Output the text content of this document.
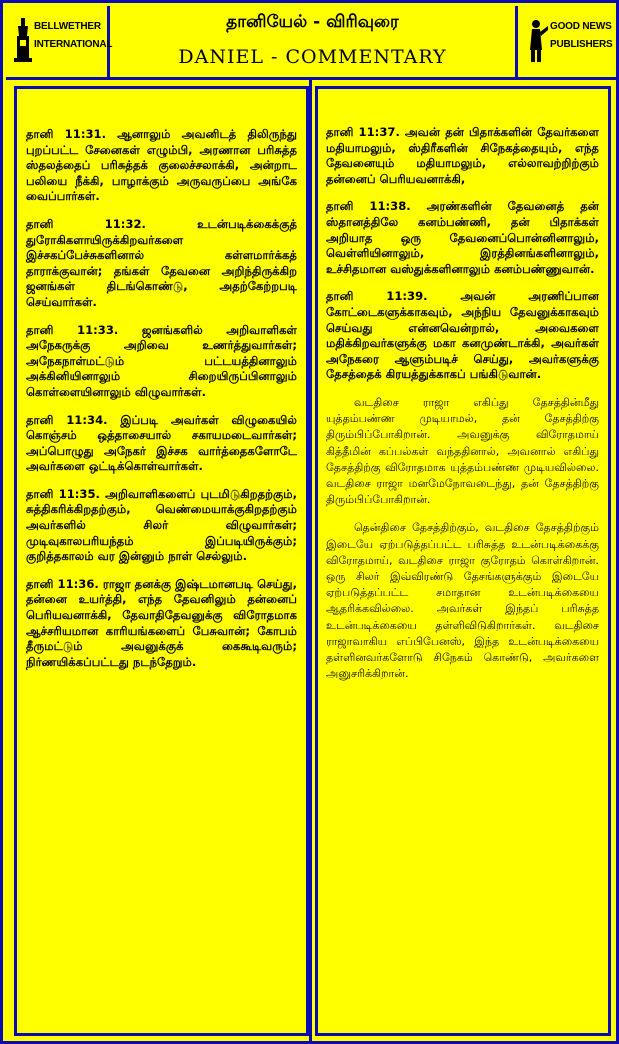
BELLWETHER
INTERNATIONAL
தானியேல் - விரிவுரை
DANIEL - COMMENTARY
GOOD NEWS
PUBLISHERS

தானி 11:31. ஆனாலும் அவனிடத் திலிருந்து புறப்பட்ட சேனைகள் எழும்பி, அரணான பரிசுத்த ஸ்தலத்தைப் பரிசுத்தக் குலைச்சலாக்கி, அன்றாட பலியை நீக்கி, பாழாக்கும் அருவருப்பை அங்கே வைப்பார்கள்.

தானி 11:32. உடன்படிக்கைக்குத் துரோகிகளாயிருக்கிறவர்களை இச்சகப்பேச்சுகளினால் கள்ளமார்க்கத் தாராக்குவான்; தங்கள் தேவனை அறிந்திருக்கிற ஜனங்கள் திடங்கொண்டு, அதற்கேற்றபடி செய்வார்கள்.

தானி 11:33. ஜனங்களில் அறிவாளிகள் அநேகருக்கு அறிவை உணர்த்துவார்கள்; அநேகநாள்மட்டும் பட்டயத்தினாலும் அக்கினியினாலும் சிறையிருப்பினாலும் கொள்ளையினாலும் விழுவார்கள்.

தானி 11:34. இப்படி அவர்கள் விழுகையில் கொஞ்சம் ஒத்தாசையால் சகாயமடைவார்கள்; அப்பொழுது அநேகர் இச்சக வார்த்தைகளோடே அவர்களை ஒட்டிக்கொள்வார்கள்.

தானி 11:35. அறிவாளிகளைப் புடமிடுகிறதற்கும், சுத்திகரிக்கிறதற்கும், வெண்மையாக்குகிறதற்கும் அவர்களில் சிலர் விழுவார்கள்; முடிவுகாலபரியந்தம் இப்படியிருக்கும்; குறித்தகாலம் வர இன்னும் நாள் செல்லும்.

தானி 11:36. ராஜா தனக்கு இஷ்டமானபடி செய்து, தன்னை உயர்த்தி, எந்த தேவனிலும் தன்னைப் பெரியவனாக்கி, தேவாதிதேவனுக்கு விரோதமாக ஆச்சரியமான காரியங்களைப் பேசுவான்; கோபம் தீருமட்டும் அவனுக்குக் கைகூடிவரும்; நிர்ணயிக்கப்பட்டது நடந்தேறும்.

தானி 11:37. அவன் தன் பிதாக்களின் தேவர்களை மதியாமலும், ஸ்திரீகளின் சிநேகத்தையும், எந்த தேவனையும் மதியாமலும், எல்லாவற்றிற்கும் தன்னைப் பெரியவனாக்கி,

தானி 11:38. அரண்களின் தேவனைத் தன் ஸ்தானத்திலே கனம்பண்ணி, தன் பிதாக்கள் அறியாத ஒரு தேவனைப்பொன்னினாலும், வெள்ளியினாலும், இரத்தினங்களினாலும், உச்சிதமான வஸ்துக்களினாலும் கனம்பண்ணுவான்.

தானி 11:39. அவன் அரணிப்பான கோட்டைகளுக்காகவும், அந்நிய தேவனுக்காகவும் செய்வது என்னவென்றால், அவைகளை மதிக்கிறவர்களுக்கு மகா கனமுண்டாக்கி, அவர்கள் அநேகரை ஆளும்படிச் செய்து, அவர்களுக்கு தேசத்தைக் கிரயத்துக்காகப் பங்கிடுவான்.

வடதிசை ராஜா எகிப்து தேசத்தின்மீது யுத்தம்பண்ண முடியாமல், தன் தேசத்திற்கு திரும்பிப்போகிறான். அவனுக்கு விரோதமாய் கித்தீமின் கப்பல்கள் வந்ததினால், அவனால் எகிப்து தேசத்திற்கு விரோதமாக யுத்தம்பண்ண முடியவில்லை. வடதிசை ராஜா மனமேநோவடைந்து, தன் தேசத்திற்கு திரும்பிப்போகிறான்.

தென்திசை தேசத்திற்கும், வடதிசை தேசத்திற்கும் இடையே ஏற்படுத்தப்பட்ட பரிசுத்த உடன்படிக்கைக்கு விரோதமாய், வடதிசை ராஜா குரோதம் கொள்கிறான். ஒரு சிலர் இவ்விரண்டு தேசங்களுக்கும் இடையே ஏற்படுத்தப்பட்ட சமாதான உடன்படிக்கையை ஆதரிக்கவில்லை. அவர்கள் இந்தப் பரிசுத்த உடன்படிக்கையை தள்ளிவிடுகிறார்கள். வடதிசை ராஜாவாகிய எப்பிபேனஸ், இந்த உடன்படிக்கையை தள்ளினவர்களோடு சிநேகம் கொண்டு, அவர்களை அனுசரிக்கிறான்.
